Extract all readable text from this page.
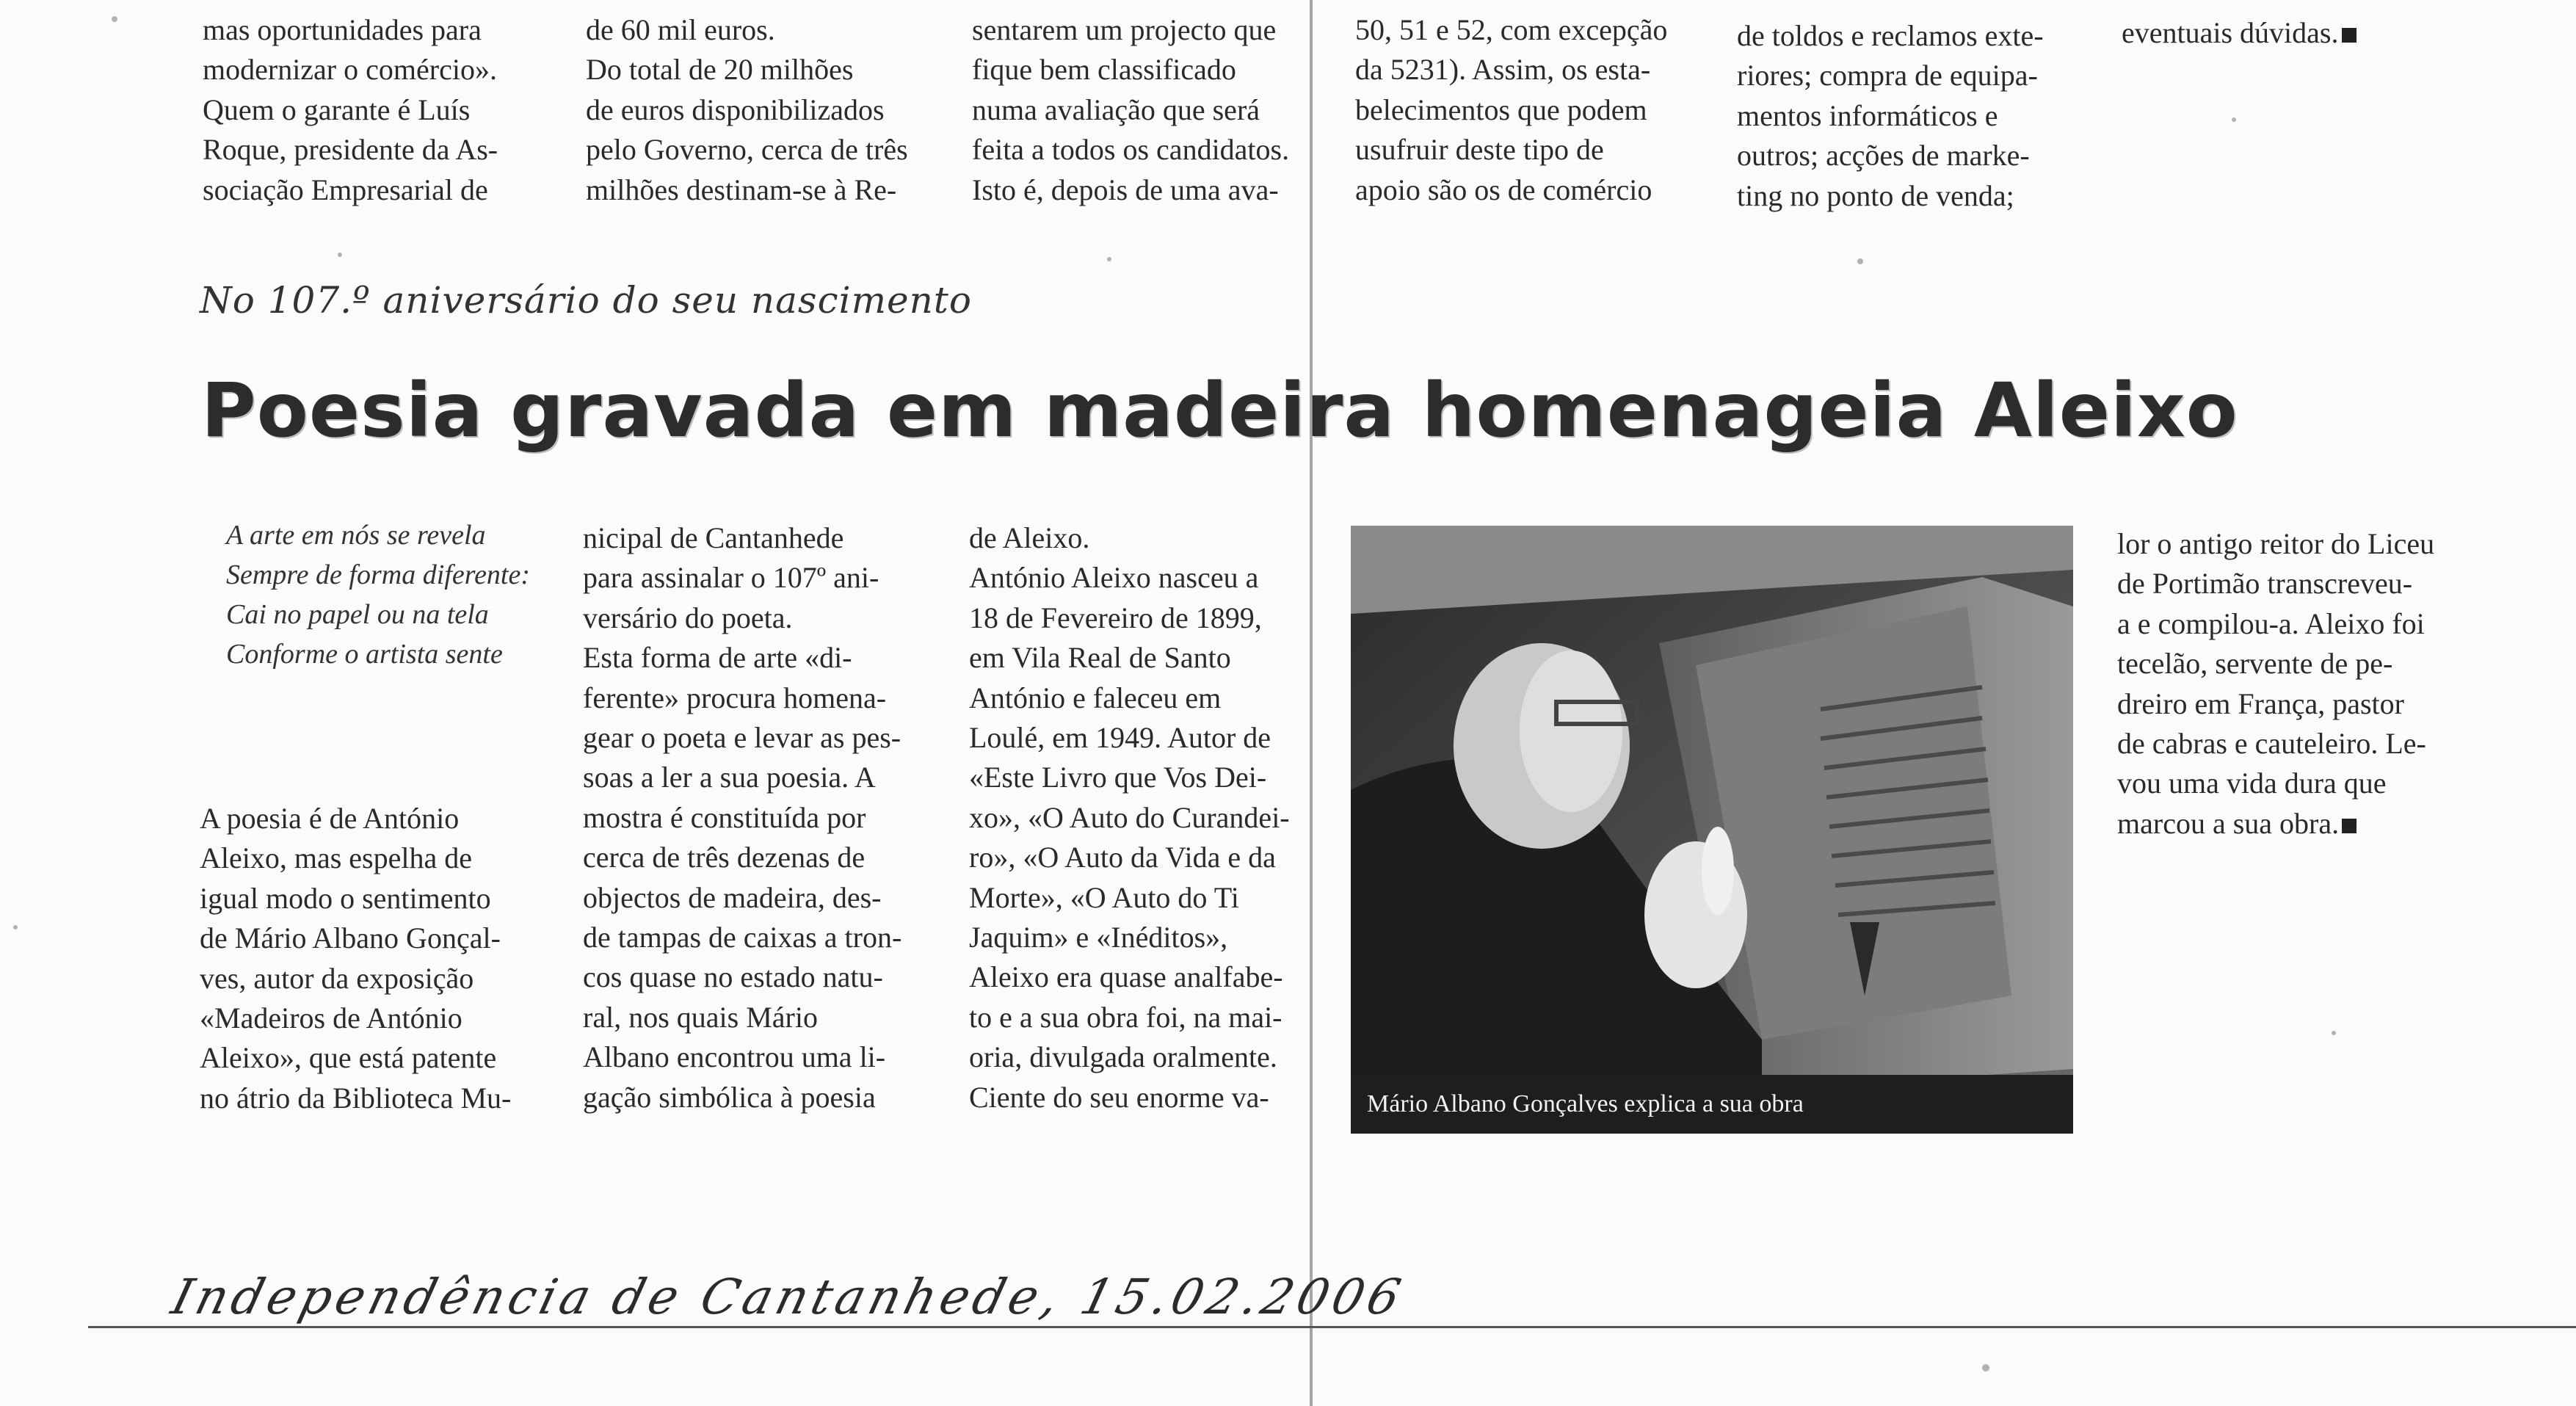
mas oportunidades para
modernizar o comércio».
Quem o garante é Luís
Roque, presidente da As-
sociação Empresarial de
de 60 mil euros.
Do total de 20 milhões
de euros disponibilizados
pelo Governo, cerca de três
milhões destinam-se à Re-
sentarem um projecto que
fique bem classificado
numa avaliação que será
feita a todos os candidatos.
Isto é, depois de uma ava-
50, 51 e 52, com excepção
da 5231). Assim, os esta-
belecimentos que podem
usufruir deste tipo de
apoio são os de comércio
de toldos e reclamos exte-
riores; compra de equipa-
mentos informáticos e
outros; acções de marke-
ting no ponto de venda;
eventuais dúvidas.
No 107.º aniversário do seu nascimento
Poesia gravada em madeira homenageia Aleixo
A arte em nós se revela
Sempre de forma diferente:
Cai no papel ou na tela
Conforme o artista sente
A poesia é de António
Aleixo, mas espelha de
igual modo o sentimento
de Mário Albano Gonçal-
ves, autor da exposição
«Madeiros de António
Aleixo», que está patente
no átrio da Biblioteca Mu-
nicipal de Cantanhede
para assinalar o 107º ani-
versário do poeta.
Esta forma de arte «di-
ferente» procura homena-
gear o poeta e levar as pes-
soas a ler a sua poesia. A
mostra é constituída por
cerca de três dezenas de
objectos de madeira, des-
de tampas de caixas a tron-
cos quase no estado natu-
ral, nos quais Mário
Albano encontrou uma li-
gação simbólica à poesia
de Aleixo.
António Aleixo nasceu a
18 de Fevereiro de 1899,
em Vila Real de Santo
António e faleceu em
Loulé, em 1949. Autor de
«Este Livro que Vos Dei-
xo», «O Auto do Curandei-
ro», «O Auto da Vida e da
Morte», «O Auto do Ti
Jaquim» e «Inéditos»,
Aleixo era quase analfabe-
to e a sua obra foi, na mai-
oria, divulgada oralmente.
Ciente do seu enorme va-
lor o antigo reitor do Liceu
de Portimão transcreveu-
a e compilou-a. Aleixo foi
tecelão, servente de pe-
dreiro em França, pastor
de cabras e cauteleiro. Le-
vou uma vida dura que
marcou a sua obra.
Mário Albano Gonçalves explica a sua obra
Independência de Cantanhede, 15.02.2006
